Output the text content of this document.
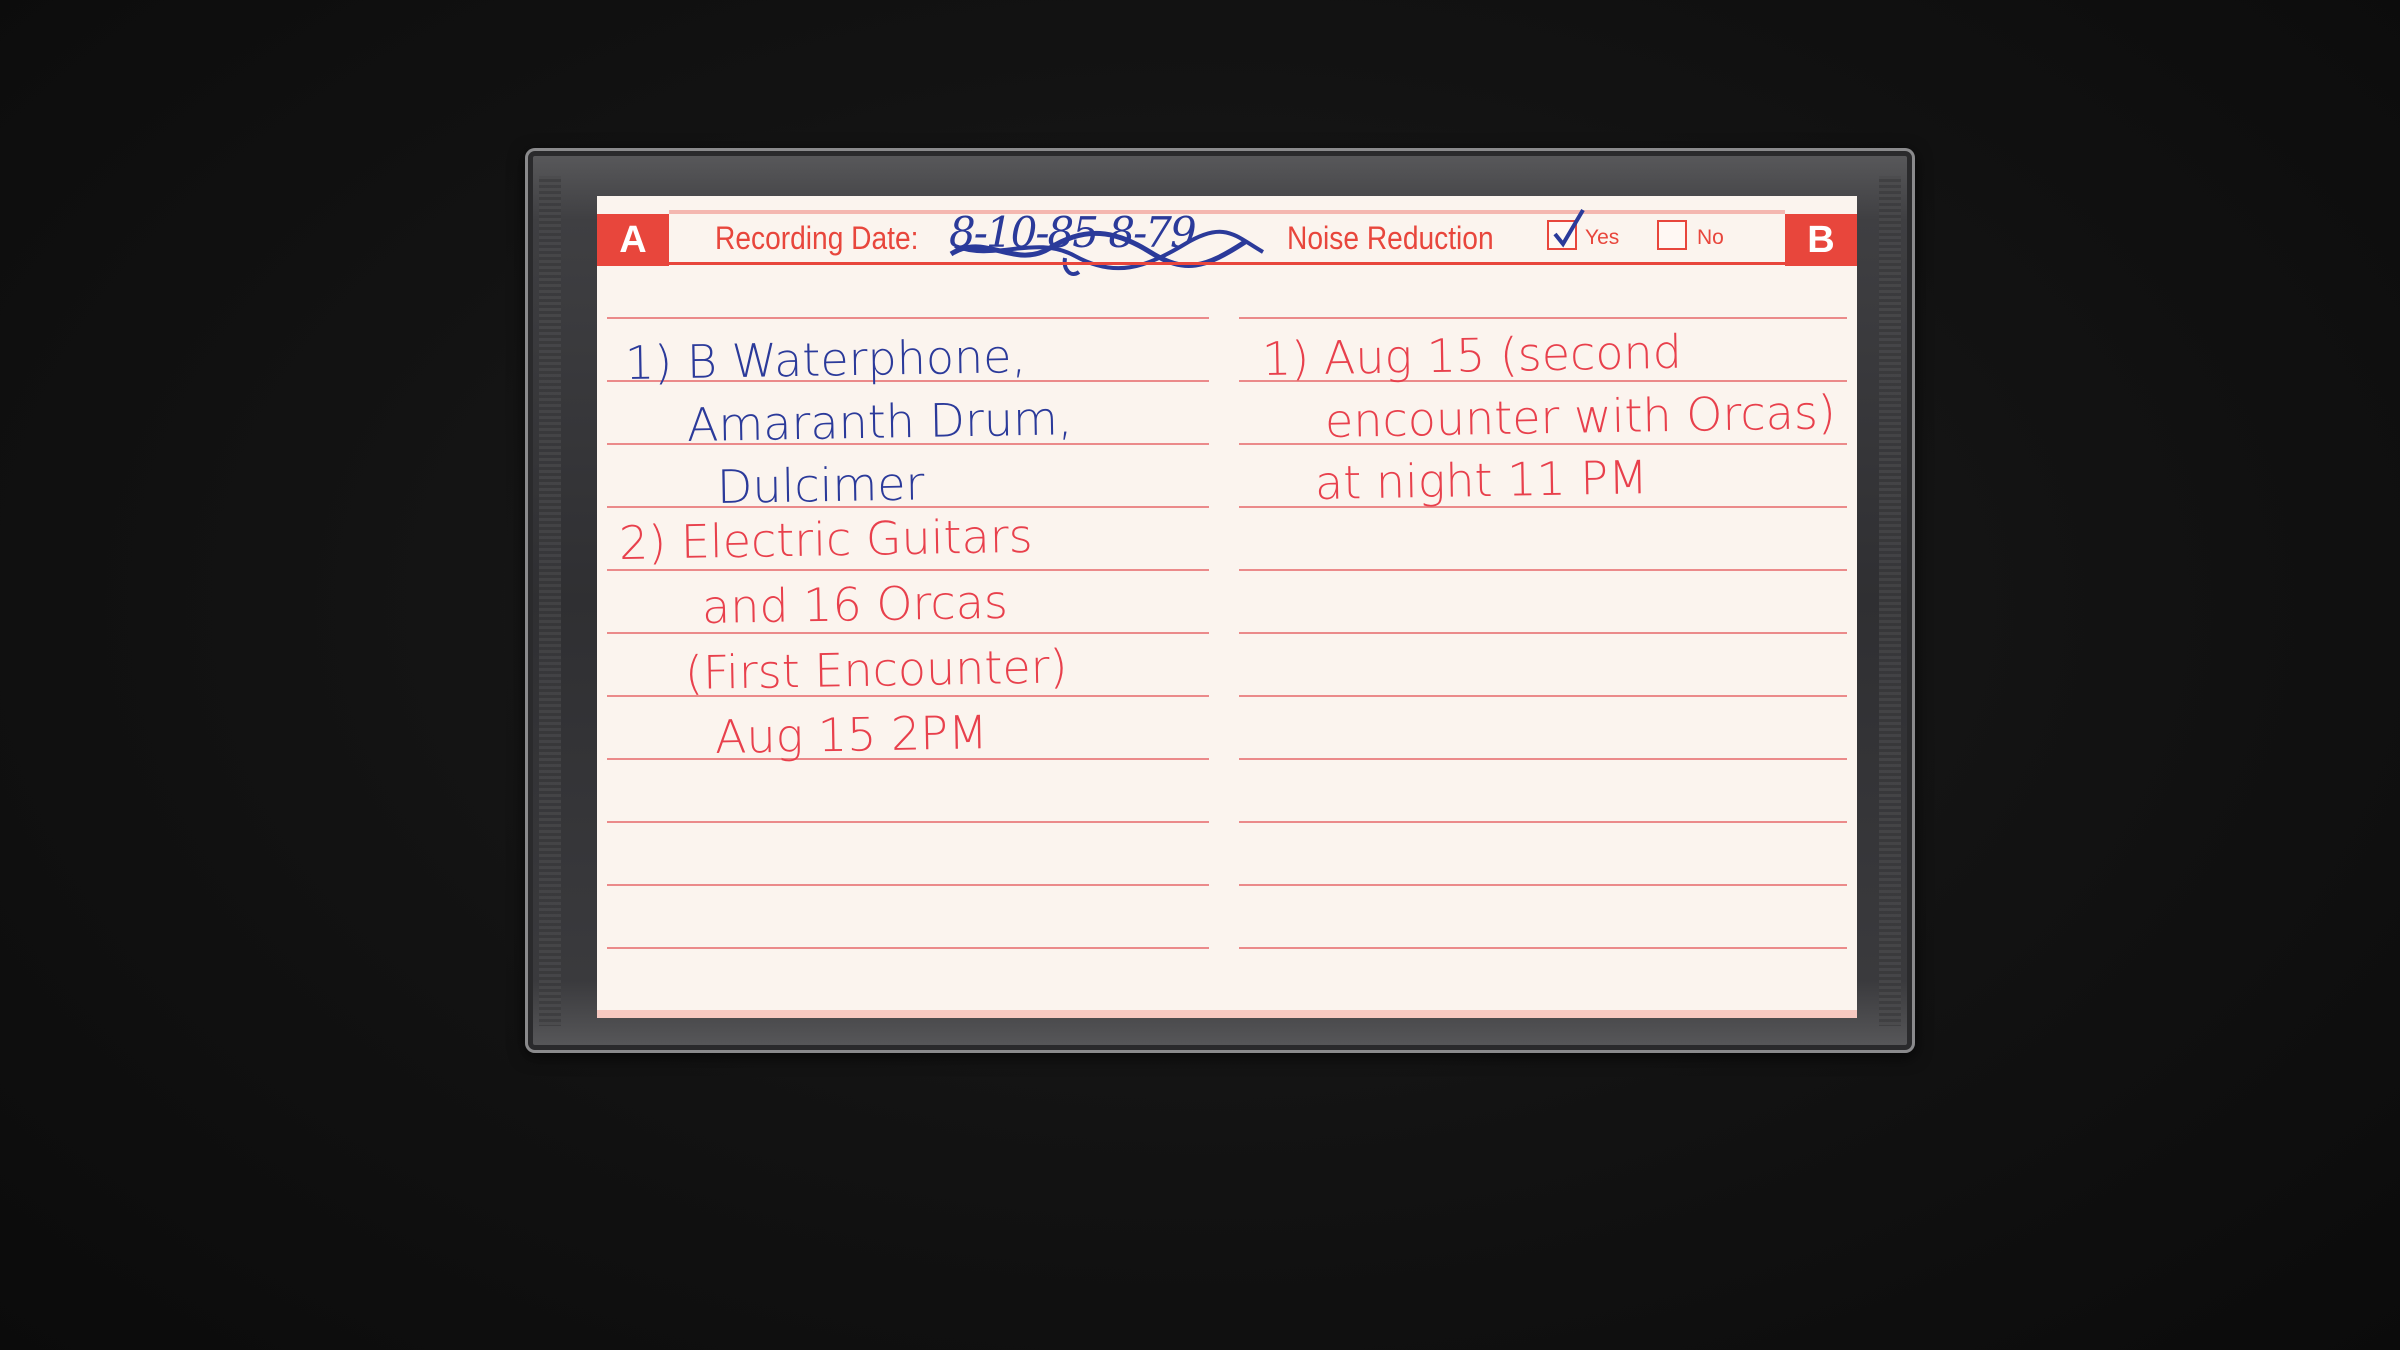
A	B
Recording Date: 8-10-85 8-79	Noise Reduction	Yes	No
1) B Waterphone,
Amaranth Drum,
Dulcimer
2) Electric Guitars
and 16 Orcas
(First Encounter)
Aug 15 2PM
1) Aug 15 (second
encounter with Orcas)
at night 11 PM
